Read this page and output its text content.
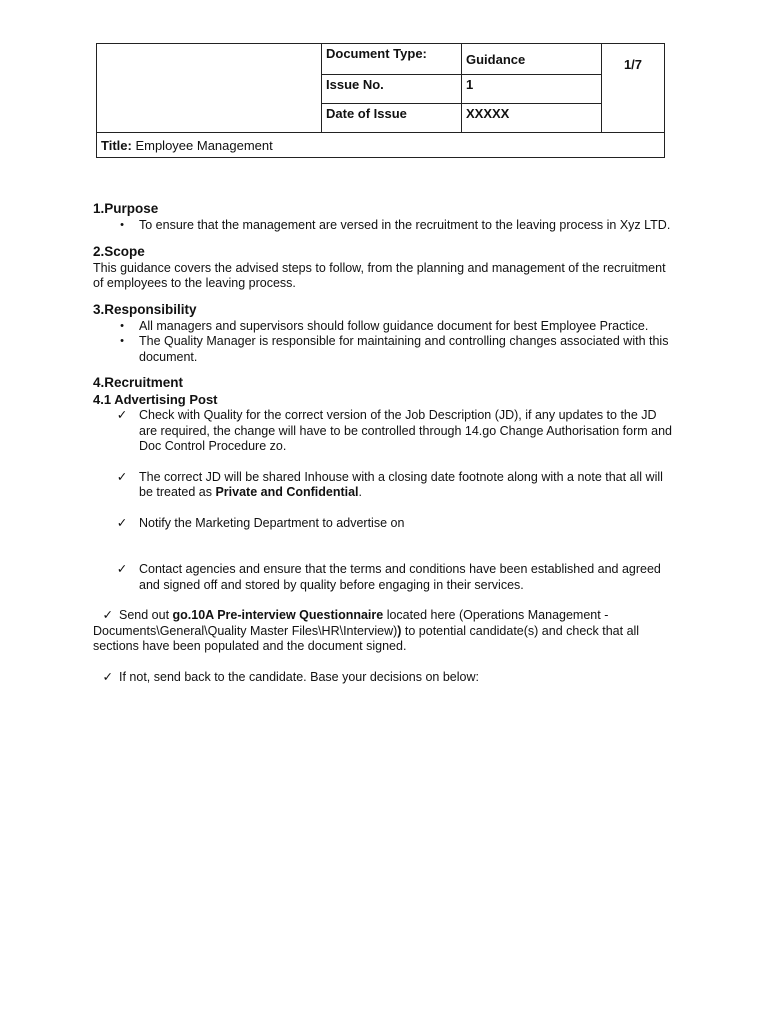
	Document Type:	Guidance	1/7
	Issue No.	1	
	Date of Issue	XXXXX	
Title: Employee Management			
1.Purpose
•	To ensure that the management are versed in the recruitment to the leaving process in Xyz LTD.
2.Scope

This guidance covers the advised steps to follow, from the planning and management of the recruitment of employees to the leaving process.

3.Responsibility
•	All managers and supervisors should follow guidance document for best Employee Practice.
•	The Quality Manager is responsible for maintaining and controlling changes associated with this document.
4.Recruitment
4.1 Advertising Post
✓ Check with Quality for the correct version of the Job Description (JD), if any updates to the JD are required, the change will have to be controlled through 14.go Change Authorisation form and Doc Control Procedure zo.
✓ The correct JD will be shared Inhouse with a closing date footnote along with a note that all will be treated as Private and Confidential.
✓ Notify the Marketing Department to advertise on
✓ Contact agencies and ensure that the terms and conditions have been established and agreed and signed off and stored by quality before engaging in their services.

✓ Send out go.10A Pre-interview Questionnaire located here (Operations Management - Documents\General\Quality Master Files\HR\Interview)) to potential candidate(s) and check that all sections have been populated and the document signed.

✓ If not, send back to the candidate. Base your decisions on below:
